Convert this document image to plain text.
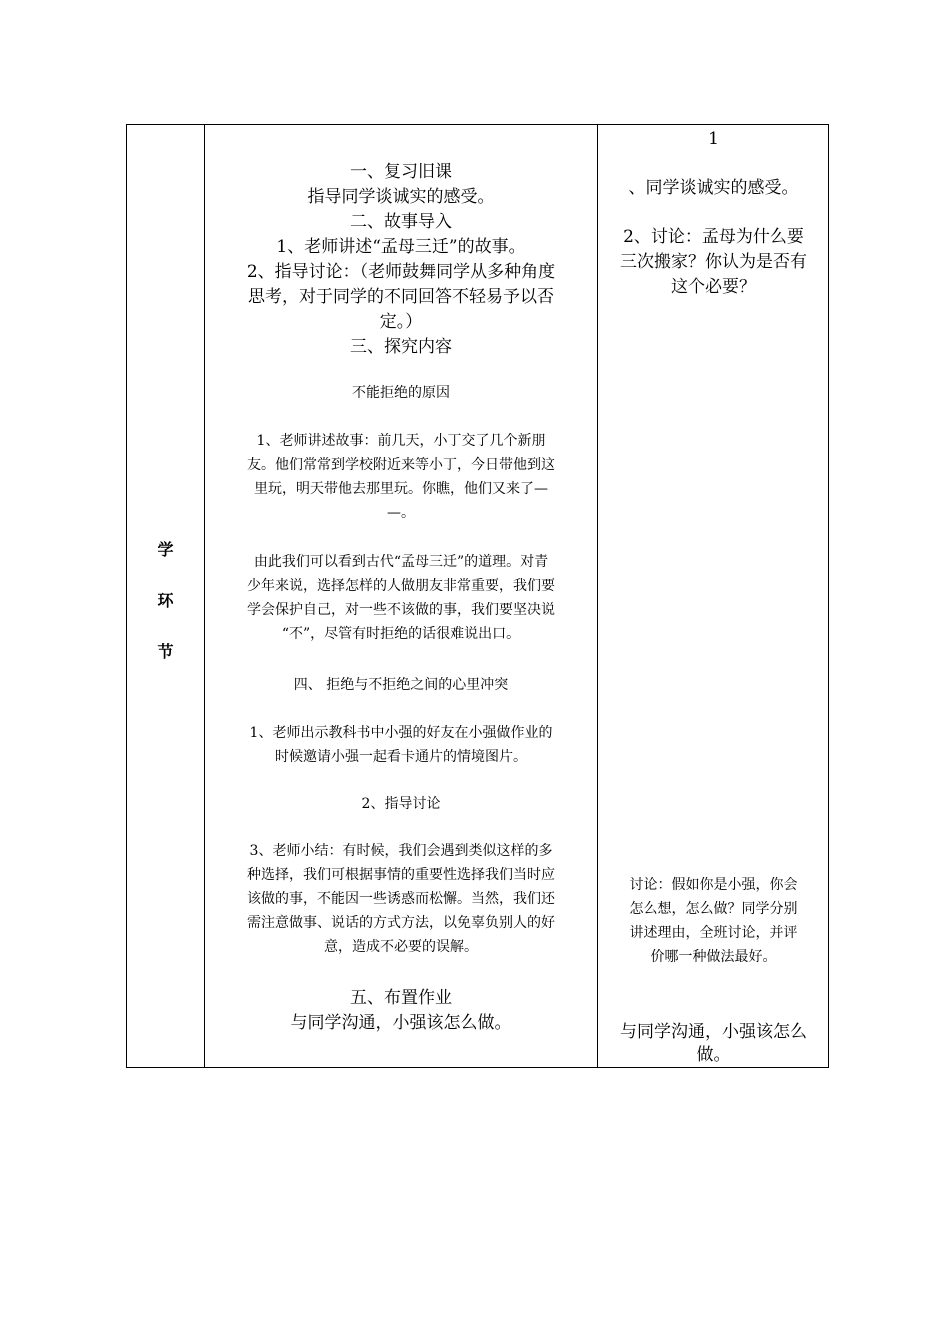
学
环
节
一、复习旧课
指导同学谈诚实的感受。
二、故事导入
1、老师讲述“孟母三迁”的故事。
2、指导讨论：（老师鼓舞同学从多种角度
思考，对于同学的不同回答不轻易予以否
定。）
三、探究内容
不能拒绝的原因
1、老师讲述故事：前几天，小丁交了几个新朋
友。他们常常到学校附近来等小丁，今日带他到这
里玩，明天带他去那里玩。你瞧，他们又来了—
—。
由此我们可以看到古代“孟母三迁”的道理。对青
少年来说，选择怎样的人做朋友非常重要，我们要
学会保护自己，对一些不该做的事，我们要坚决说
“不”，尽管有时拒绝的话很难说出口。
四、 拒绝与不拒绝之间的心里冲突
1、老师出示教科书中小强的好友在小强做作业的
时候邀请小强一起看卡通片的情境图片。
2、指导讨论
3、老师小结：有时候，我们会遇到类似这样的多
种选择，我们可根据事情的重要性选择我们当时应
该做的事，不能因一些诱惑而松懈。当然，我们还
需注意做事、说话的方式方法，以免辜负别人的好
意，造成不必要的误解。
五、布置作业
与同学沟通，小强该怎么做。
1
、同学谈诚实的感受。
2、讨论：孟母为什么要
三次搬家？你认为是否有
这个必要？
讨论：假如你是小强，你会
怎么想，怎么做？同学分别
讲述理由，全班讨论，并评
价哪一种做法最好。
与同学沟通，小强该怎么
做。
